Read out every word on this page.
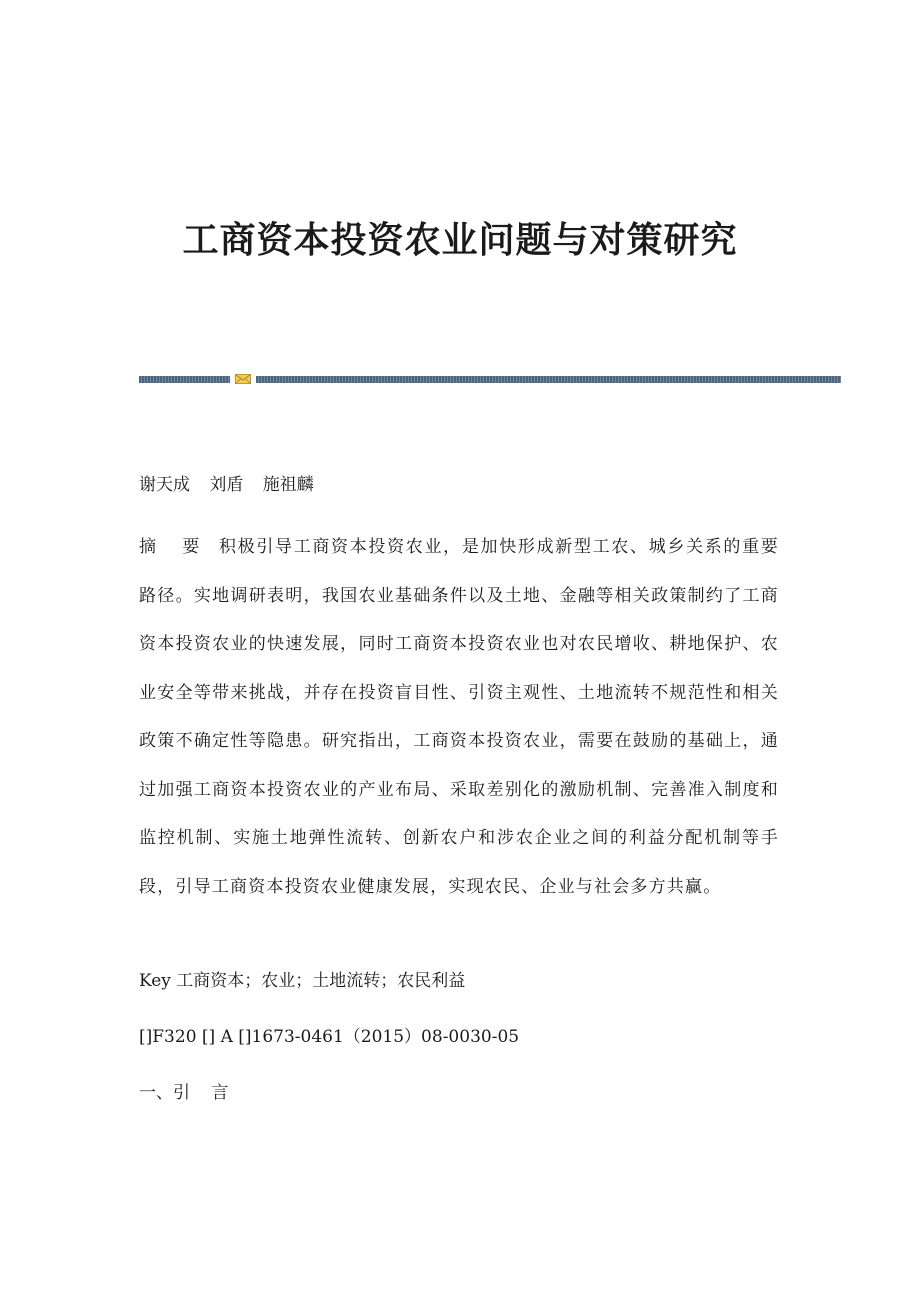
工商资本投资农业问题与对策研究

谢天成 刘盾 施祖麟

摘 要 积极引导工商资本投资农业，是加快形成新型工农、城乡关系的重要路径。实地调研表明，我国农业基础条件以及土地、金融等相关政策制约了工商资本投资农业的快速发展，同时工商资本投资农业也对农民增收、耕地保护、农业安全等带来挑战，并存在投资盲目性、引资主观性、土地流转不规范性和相关政策不确定性等隐患。研究指出，工商资本投资农业，需要在鼓励的基础上，通过加强工商资本投资农业的产业布局、采取差别化的激励机制、完善准入制度和监控机制、实施土地弹性流转、创新农户和涉农企业之间的利益分配机制等手段，引导工商资本投资农业健康发展，实现农民、企业与社会多方共赢。

Key 工商资本；农业；土地流转；农民利益

[]F320 [] A []1673-0461（2015）08-0030-05

一、引 言
